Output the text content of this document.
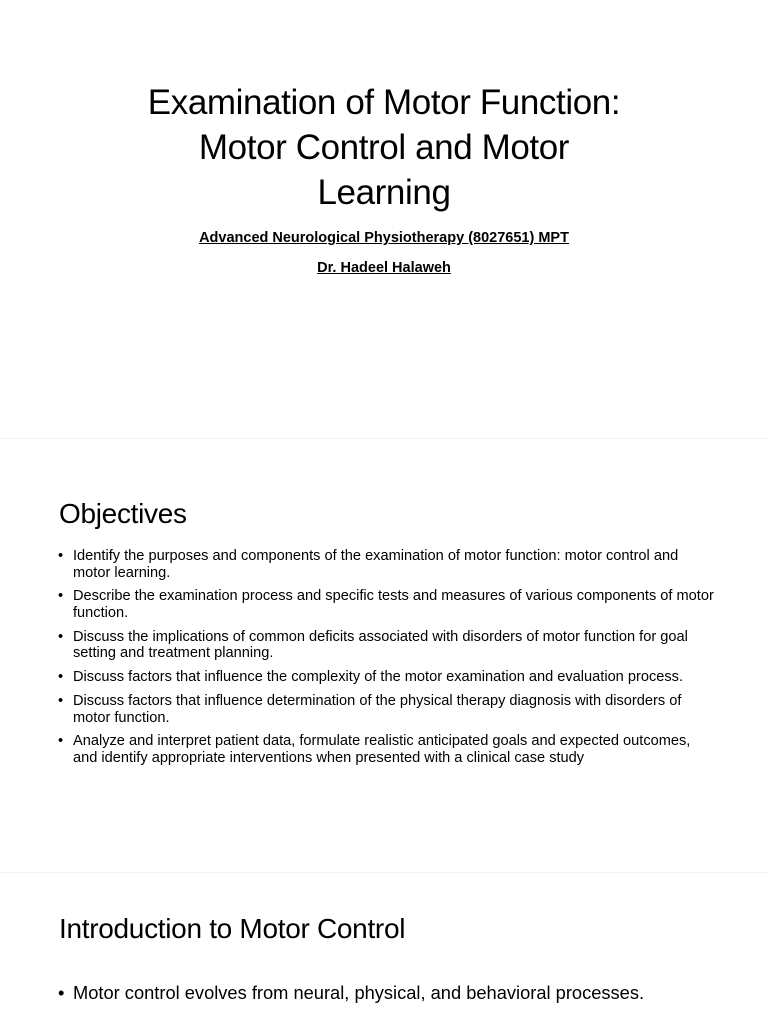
Examination of Motor Function:
Motor Control and Motor
Learning

Advanced Neurological Physiotherapy (8027651) MPT

Dr. Hadeel Halaweh

Objectives
• Identify the purposes and components of the examination of motor function: motor control and motor learning.
• Describe the examination process and specific tests and measures of various components of motor function.
• Discuss the implications of common deficits associated with disorders of motor function for goal setting and treatment planning.
• Discuss factors that influence the complexity of the motor examination and evaluation process.
• Discuss factors that influence determination of the physical therapy diagnosis with disorders of motor function.
• Analyze and interpret patient data, formulate realistic anticipated goals and expected outcomes, and identify appropriate interventions when presented with a clinical case study
Introduction to Motor Control
• Motor control evolves from neural, physical, and behavioral processes.
